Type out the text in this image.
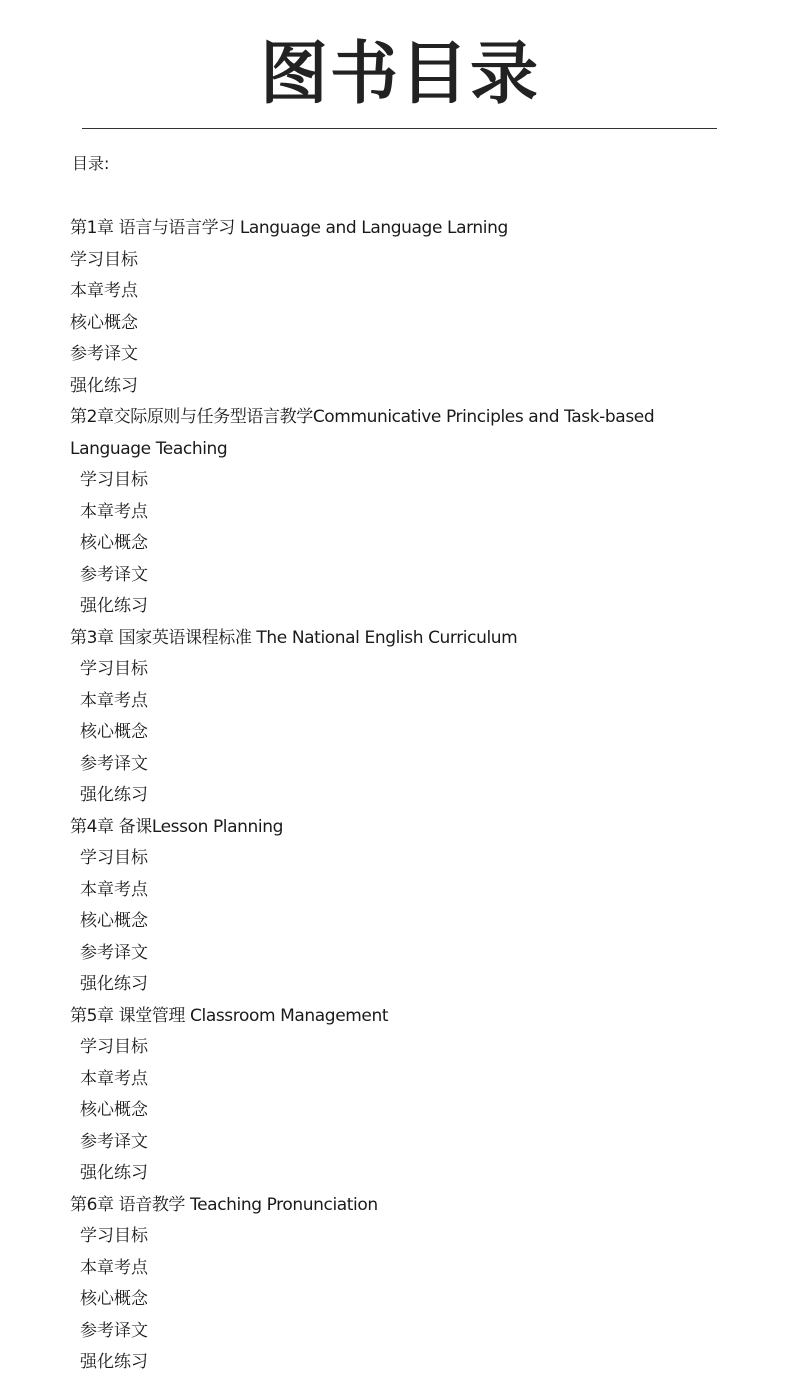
图书目录
目录:
第1章 语言与语言学习 Language and Language Larning
学习目标
本章考点
核心概念
参考译文
强化练习
第2章交际原则与任务型语言教学Communicative Principles and Task-based Language Teaching
学习目标
本章考点
核心概念
参考译文
强化练习
第3章 国家英语课程标准 The National English Curriculum
学习目标
本章考点
核心概念
参考译文
强化练习
第4章 备课Lesson Planning
学习目标
本章考点
核心概念
参考译文
强化练习
第5章 课堂管理 Classroom Management
学习目标
本章考点
核心概念
参考译文
强化练习
第6章 语音教学 Teaching Pronunciation
学习目标
本章考点
核心概念
参考译文
强化练习
